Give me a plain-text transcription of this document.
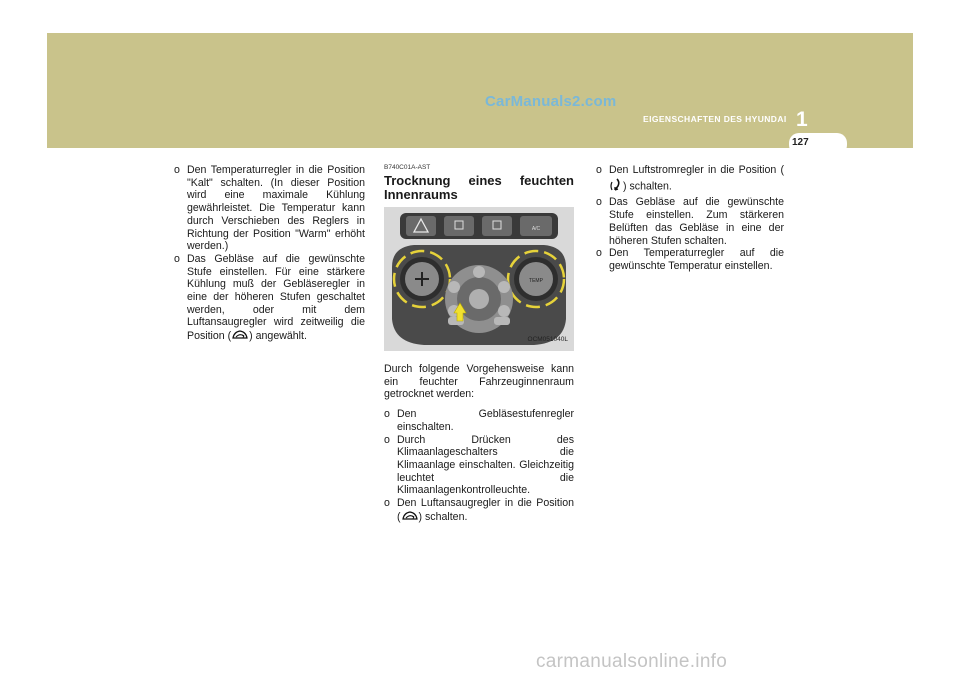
CarManuals2.com
EIGENSCHAFTEN DES HYUNDAI 1
127
o Den Temperaturregler in die Position "Kalt" schalten. (In dieser Position wird eine maximale Kühlung gewährleistet. Die Temperatur kann durch Verschieben des Reglers in Richtung der Position "Warm" erhöht werden.)
o Das Gebläse auf die gewünschte Stufe einstellen. Für eine stärkere Kühlung muß der Gebläseregler in eine der höheren Stufen geschaltet werden, oder mit dem Luftansaugregler wird zeitweilig die Position ( ) angewählt.
B740C01A-AST
Trocknung eines feuchten Innenraums
A/C
TEMP
OCM051040L
Durch folgende Vorgehensweise kann ein feuchter Fahrzeuginnenraum getrocknet werden:
o Den Gebläsestufenregler einschalten.
o Durch Drücken des Klimaanlageschalters die Klimaanlage einschalten. Gleichzeitig leuchtet die Klimaanlagenkontrolleuchte.
o Den Luftansaugregler in die Position ( ) schalten.
o Den Luftstromregler in die Position () schalten.
o Das Gebläse auf die gewünschte Stufe einstellen. Zum stärkeren Belüften das Gebläse in eine der höheren Stufen schalten.
o Den Temperaturregler auf die gewünschte Temperatur einstellen.
carmanualsonline.info
